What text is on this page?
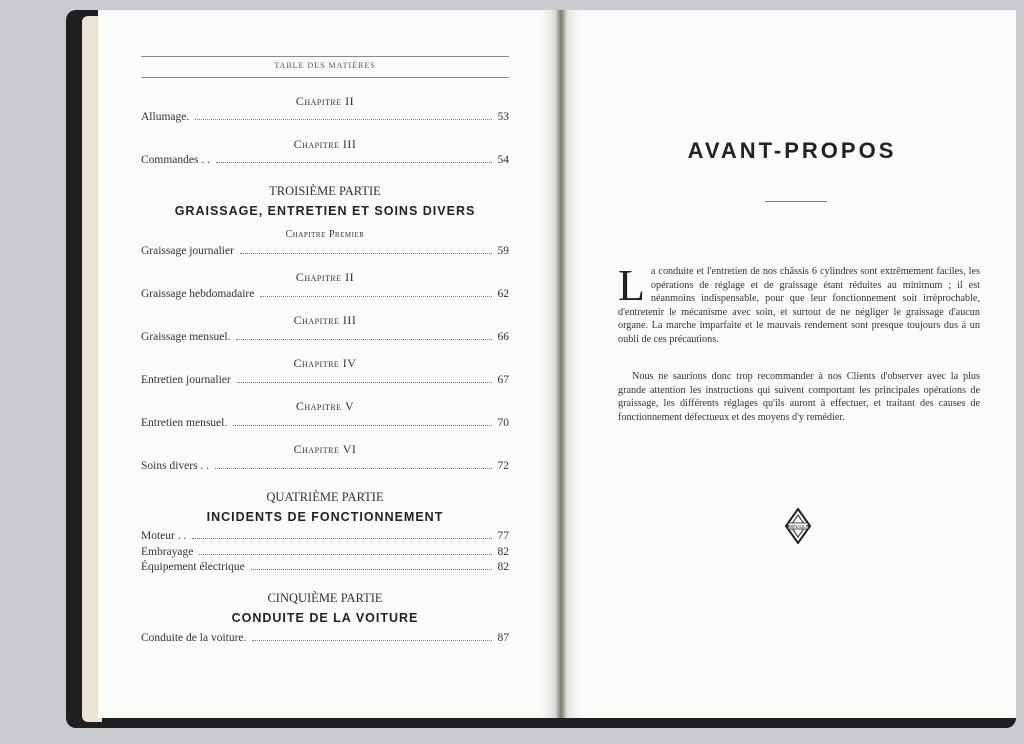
TABLE DES MATIÈRES
Chapitre II
Allumage.	53
Chapitre III
Commandes . .	54
TROISIÈME PARTIE
GRAISSAGE, ENTRETIEN ET SOINS DIVERS
Chapitre Premier
Graissage journalier	59
Chapitre II
Graissage hebdomadaire	62
Chapitre III
Graissage mensuel.	66
Chapitre IV
Entretien journalier	67
Chapitre V
Entretien mensuel.	70
Chapitre VI
Soins divers . .	72
QUATRIÈME PARTIE
INCIDENTS DE FONCTIONNEMENT
Moteur . .	77
Embrayage	82
Équipement électrique	82
CINQUIÈME PARTIE
CONDUITE DE LA VOITURE
Conduite de la voiture.	87
AVANT-PROPOS
La conduite et l'entretien de nos châssis 6 cylindres sont extrêmement faciles, les opérations de réglage et de graissage étant réduites au minimum ; il est néanmoins indispensable, pour que leur fonctionnement soit irréprochable, d'entretenir le mécanisme avec soin, et surtout de ne négliger le graissage d'aucun organe. La marche imparfaite et le mauvais rendement sont presque toujours dus à un oubli de ces précautions.
Nous ne saurions donc trop recommander à nos Clients d'observer avec la plus grande attention les instructions qui suivent comportant les principales opérations de graissage, les différents réglages qu'ils auront à effectuer, et traitant des causes de fonctionnement défectueux et des moyens d'y remédier.
RENAULT
